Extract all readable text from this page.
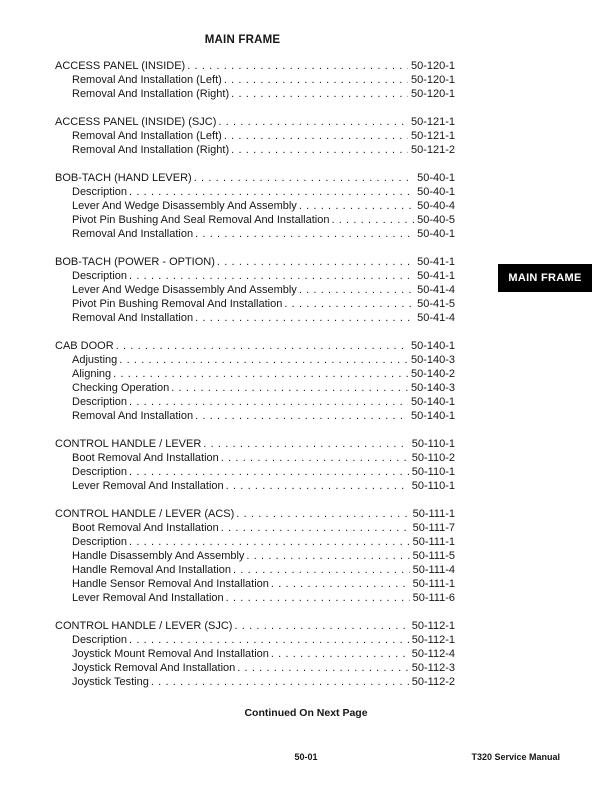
MAIN FRAME
ACCESS PANEL (INSIDE) . . .	50-120-1
Removal And Installation (Left) . . .	50-120-1
Removal And Installation (Right) . . .	50-120-1
ACCESS PANEL (INSIDE) (SJC) . . .	50-121-1
Removal And Installation (Left) . . .	50-121-1
Removal And Installation (Right) . . .	50-121-2
BOB-TACH (HAND LEVER) . . .	50-40-1
Description . . .	50-40-1
Lever And Wedge Disassembly And Assembly . . .	50-40-4
Pivot Pin Bushing And Seal Removal And Installation . . .	50-40-5
Removal And Installation . . .	50-40-1
BOB-TACH (POWER - OPTION) . . .	50-41-1
Description . . .	50-41-1
Lever And Wedge Disassembly And Assembly . . .	50-41-4
Pivot Pin Bushing Removal And Installation . . .	50-41-5
Removal And Installation . . .	50-41-4
CAB DOOR . . .	50-140-1
Adjusting . . .	50-140-3
Aligning . . .	50-140-2
Checking Operation . . .	50-140-3
Description . . .	50-140-1
Removal And Installation . . .	50-140-1
CONTROL HANDLE / LEVER . . .	50-110-1
Boot Removal And Installation . . .	50-110-2
Description . . .	50-110-1
Lever Removal And Installation . . .	50-110-1
CONTROL HANDLE / LEVER (ACS) . . .	50-111-1
Boot Removal And Installation . . .	50-111-7
Description . . .	50-111-1
Handle Disassembly And Assembly . . .	50-111-5
Handle Removal And Installation . . .	50-111-4
Handle Sensor Removal And Installation . . .	50-111-1
Lever Removal And Installation . . .	50-111-6
CONTROL HANDLE / LEVER (SJC) . . .	50-112-1
Description . . .	50-112-1
Joystick Mount Removal And Installation . . .	50-112-4
Joystick Removal And Installation . . .	50-112-3
Joystick Testing . . .	50-112-2
Continued On Next Page
50-01	T320 Service Manual
MAIN FRAME
